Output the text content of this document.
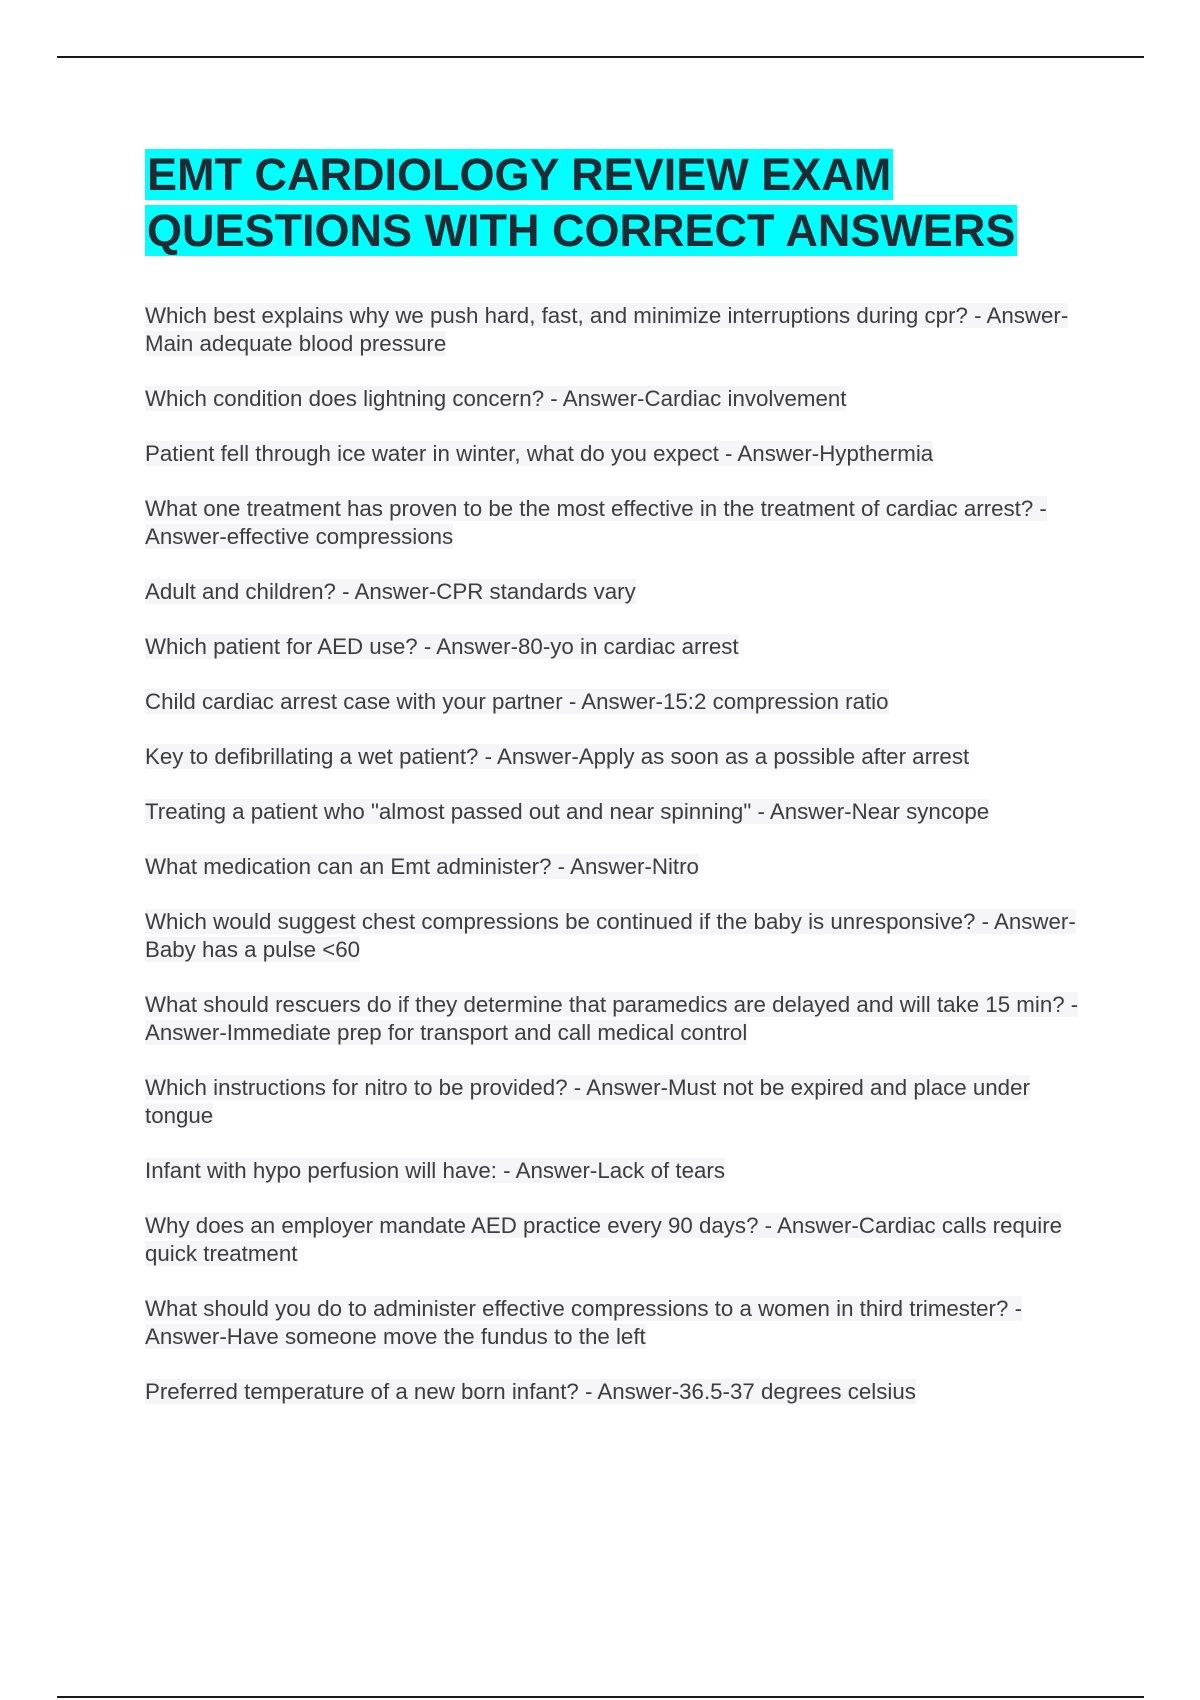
EMT CARDIOLOGY REVIEW EXAM QUESTIONS WITH CORRECT ANSWERS
Which best explains why we push hard, fast, and minimize interruptions during cpr? - Answer-Main adequate blood pressure
Which condition does lightning concern? - Answer-Cardiac involvement
Patient fell through ice water in winter, what do you expect - Answer-Hypthermia
What one treatment has proven to be the most effective in the treatment of cardiac arrest? - Answer-effective compressions
Adult and children? - Answer-CPR standards vary
Which patient for AED use? - Answer-80-yo in cardiac arrest
Child cardiac arrest case with your partner - Answer-15:2 compression ratio
Key to defibrillating a wet patient? - Answer-Apply as soon as a possible after arrest
Treating a patient who "almost passed out and near spinning" - Answer-Near syncope
What medication can an Emt administer? - Answer-Nitro
Which would suggest chest compressions be continued if the baby is unresponsive? - Answer-Baby has a pulse <60
What should rescuers do if they determine that paramedics are delayed and will take 15 min? - Answer-Immediate prep for transport and call medical control
Which instructions for nitro to be provided? - Answer-Must not be expired and place under tongue
Infant with hypo perfusion will have: - Answer-Lack of tears
Why does an employer mandate AED practice every 90 days? - Answer-Cardiac calls require quick treatment
What should you do to administer effective compressions to a women in third trimester? - Answer-Have someone move the fundus to the left
Preferred temperature of a new born infant? - Answer-36.5-37 degrees celsius
